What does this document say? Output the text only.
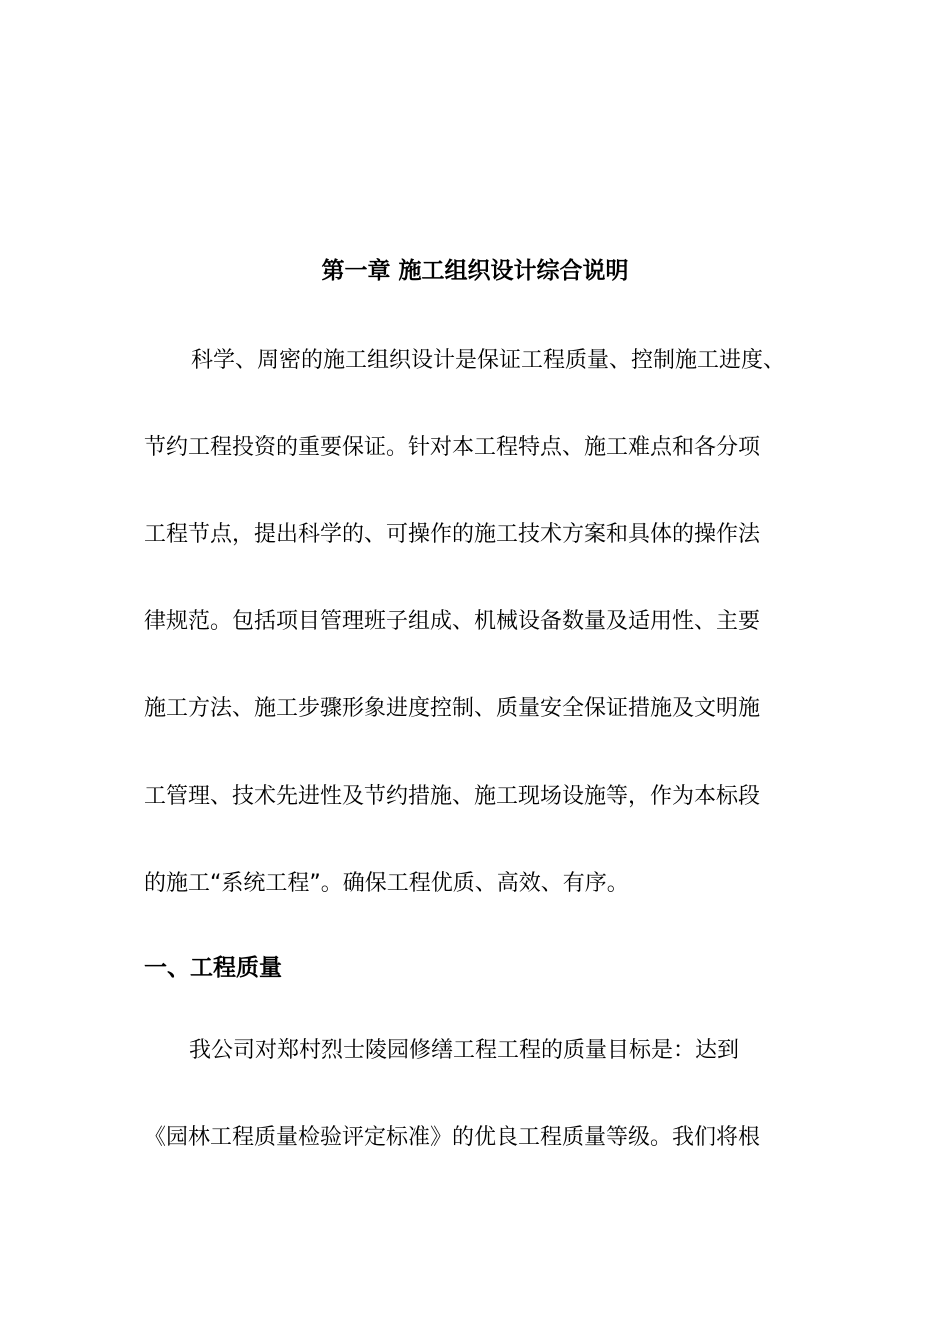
第一章 施工组织设计综合说明
科学、周密的施工组织设计是保证工程质量、控制施工进度、
节约工程投资的重要保证。针对本工程特点、施工难点和各分项
工程节点，提出科学的、可操作的施工技术方案和具体的操作法
律规范。包括项目管理班子组成、机械设备数量及适用性、主要
施工方法、施工步骤形象进度控制、质量安全保证措施及文明施
工管理、技术先进性及节约措施、施工现场设施等，作为本标段
的施工“系统工程”。确保工程优质、高效、有序。
一、工程质量
我公司对郑村烈士陵园修缮工程工程的质量目标是：达到
《园林工程质量检验评定标准》的优良工程质量等级。我们将根
